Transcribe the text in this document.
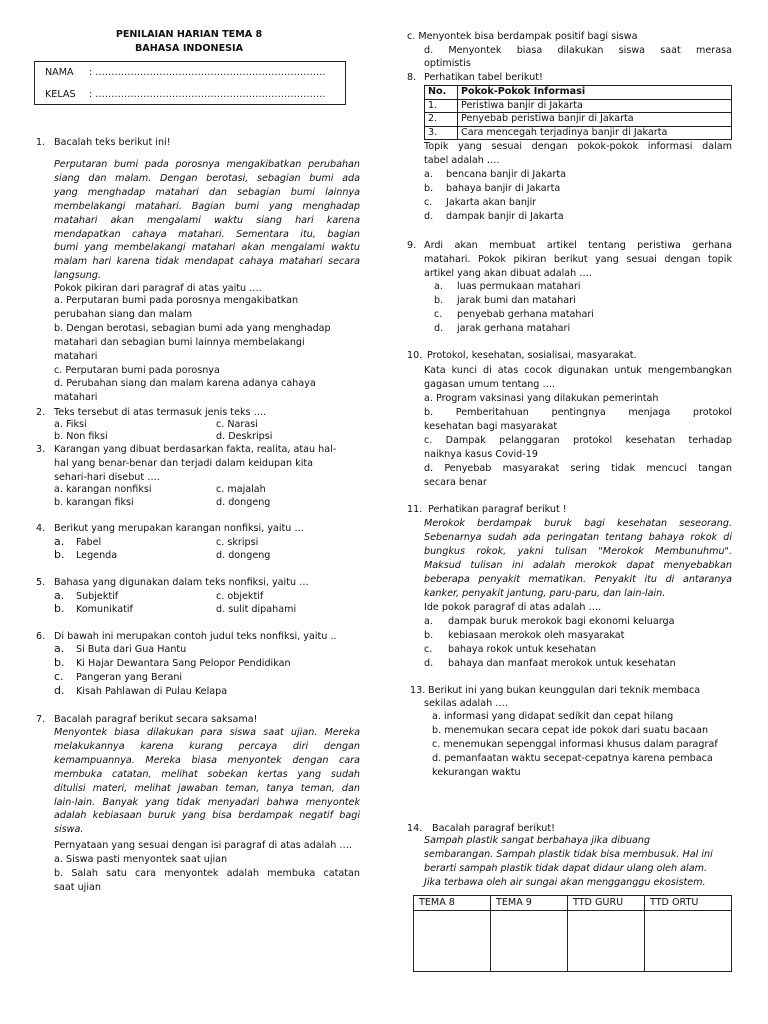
PENILAIAN HARIAN TEMA 8
BAHASA INDONESIA
NAMA : ………………………………………………………………
KELAS : ………………………………………………………………
1. Bacalah teks berikut ini!
Perputaran bumi pada porosnya mengakibatkan perubahan
siang dan malam. Dengan berotasi, sebagian bumi ada
yang menghadap matahari dan sebagian bumi lainnya
membelakangi matahari. Bagian bumi yang menghadap
matahari akan mengalami waktu siang hari karena
mendapatkan cahaya matahari. Sementara itu, bagian
bumi yang membelakangi matahari akan mengalami waktu
malam hari karena tidak mendapat cahaya matahari secara
langsung.
Pokok pikiran dari paragraf di atas yaitu ….
a. Perputaran bumi pada porosnya mengakibatkan
perubahan siang dan malam
b. Dengan berotasi, sebagian bumi ada yang menghadap
matahari dan sebagian bumi lainnya membelakangi
matahari
c. Perputaran bumi pada porosnya
d. Perubahan siang dan malam karena adanya cahaya
matahari
2. Teks tersebut di atas termasuk jenis teks ….
a. Fiksi	c. Narasi
b. Non fiksi	d. Deskripsi
3. Karangan yang dibuat berdasarkan fakta, realita, atau hal-
hal yang benar-benar dan terjadi dalam keidupan kita
sehari-hari disebut ….
a. karangan nonfiksi	c. majalah
b. karangan fiksi	d. dongeng
4. Berikut yang merupakan karangan nonfiksi, yaitu …
a. Fabel	c. skripsi
b. Legenda	d. dongeng
5. Bahasa yang digunakan dalam teks nonfiksi, yaitu …
a. Subjektif	c. objektif
b. Komunikatif	d. sulit dipahami
6. Di bawah ini merupakan contoh judul teks nonfiksi, yaitu ..
a. Si Buta dari Gua Hantu
b. Ki Hajar Dewantara Sang Pelopor Pendidikan
c. Pangeran yang Berani
d. Kisah Pahlawan di Pulau Kelapa
7. Bacalah paragraf berikut secara saksama!
Menyontek biasa dilakukan para siswa saat ujian. Mereka
melakukannya karena kurang percaya diri dengan
kemampuannya. Mereka biasa menyontek dengan cara
membuka catatan, melihat sobekan kertas yang sudah
ditulisi materi, melihat jawaban teman, tanya teman, dan
lain-lain. Banyak yang tidak menyadari bahwa menyontek
adalah kebiasaan buruk yang bisa berdampak negatif bagi
siswa.
Pernyataan yang sesuai dengan isi paragraf di atas adalah ….
a. Siswa pasti menyontek saat ujian
b. Salah satu cara menyontek adalah membuka catatan
saat ujian
c. Menyontek bisa berdampak positif bagi siswa
d. Menyontek biasa dilakukan siswa saat merasa
optimistis
8. Perhatikan tabel berikut!
No.	Pokok-Pokok Informasi
1.	Peristiwa banjir di Jakarta
2.	Penyebab peristiwa banjir di Jakarta
3.	Cara mencegah terjadinya banjir di Jakarta
Topik yang sesuai dengan pokok-pokok informasi dalam
tabel adalah ….
a. bencana banjir di Jakarta
b. bahaya banjir di Jakarta
c. Jakarta akan banjir
d. dampak banjir di Jakarta
9. Ardi akan membuat artikel tentang peristiwa gerhana
matahari. Pokok pikiran berikut yang sesuai dengan topik
artikel yang akan dibuat adalah ….
a. luas permukaan matahari
b. jarak bumi dan matahari
c. penyebab gerhana matahari
d. jarak gerhana matahari
10. Protokol, kesehatan, sosialisai, masyarakat.
Kata kunci di atas cocok digunakan untuk mengembangkan
gagasan umum tentang ….
a. Program vaksinasi yang dilakukan pemerintah
b. Pemberitahuan pentingnya menjaga protokol
kesehatan bagi masyarakat
c. Dampak pelanggaran protokol kesehatan terhadap
naiknya kasus Covid-19
d. Penyebab masyarakat sering tidak mencuci tangan
secara benar
11. Perhatikan paragraf berikut !
Merokok berdampak buruk bagi kesehatan seseorang.
Sebenarnya sudah ada peringatan tentang bahaya rokok di
bungkus rokok, yakni tulisan "Merokok Membunuhmu".
Maksud tulisan ini adalah merokok dapat menyebabkan
beberapa penyakit mematikan. Penyakit itu di antaranya
kanker, penyakit jantung, paru-paru, dan lain-lain.
Ide pokok paragraf di atas adalah ….
a. dampak buruk merokok bagi ekonomi keluarga
b. kebiasaan merokok oleh masyarakat
c. bahaya rokok untuk kesehatan
d. bahaya dan manfaat merokok untuk kesehatan
13. Berikut ini yang bukan keunggulan dari teknik membaca
sekilas adalah ….
a. informasi yang didapat sedikit dan cepat hilang
b. menemukan secara cepat ide pokok dari suatu bacaan
c. menemukan sepenggal informasi khusus dalam paragraf
d. pemanfaatan waktu secepat-cepatnya karena pembaca
kekurangan waktu
14. Bacalah paragraf berikut!
Sampah plastik sangat berbahaya jika dibuang
sembarangan. Sampah plastik tidak bisa membusuk. Hal ini
berarti sampah plastik tidak dapat didaur ulang oleh alam.
Jika terbawa oleh air sungai akan mengganggu ekosistem.
TEMA 8	TEMA 9	TTD GURU	TTD ORTU
